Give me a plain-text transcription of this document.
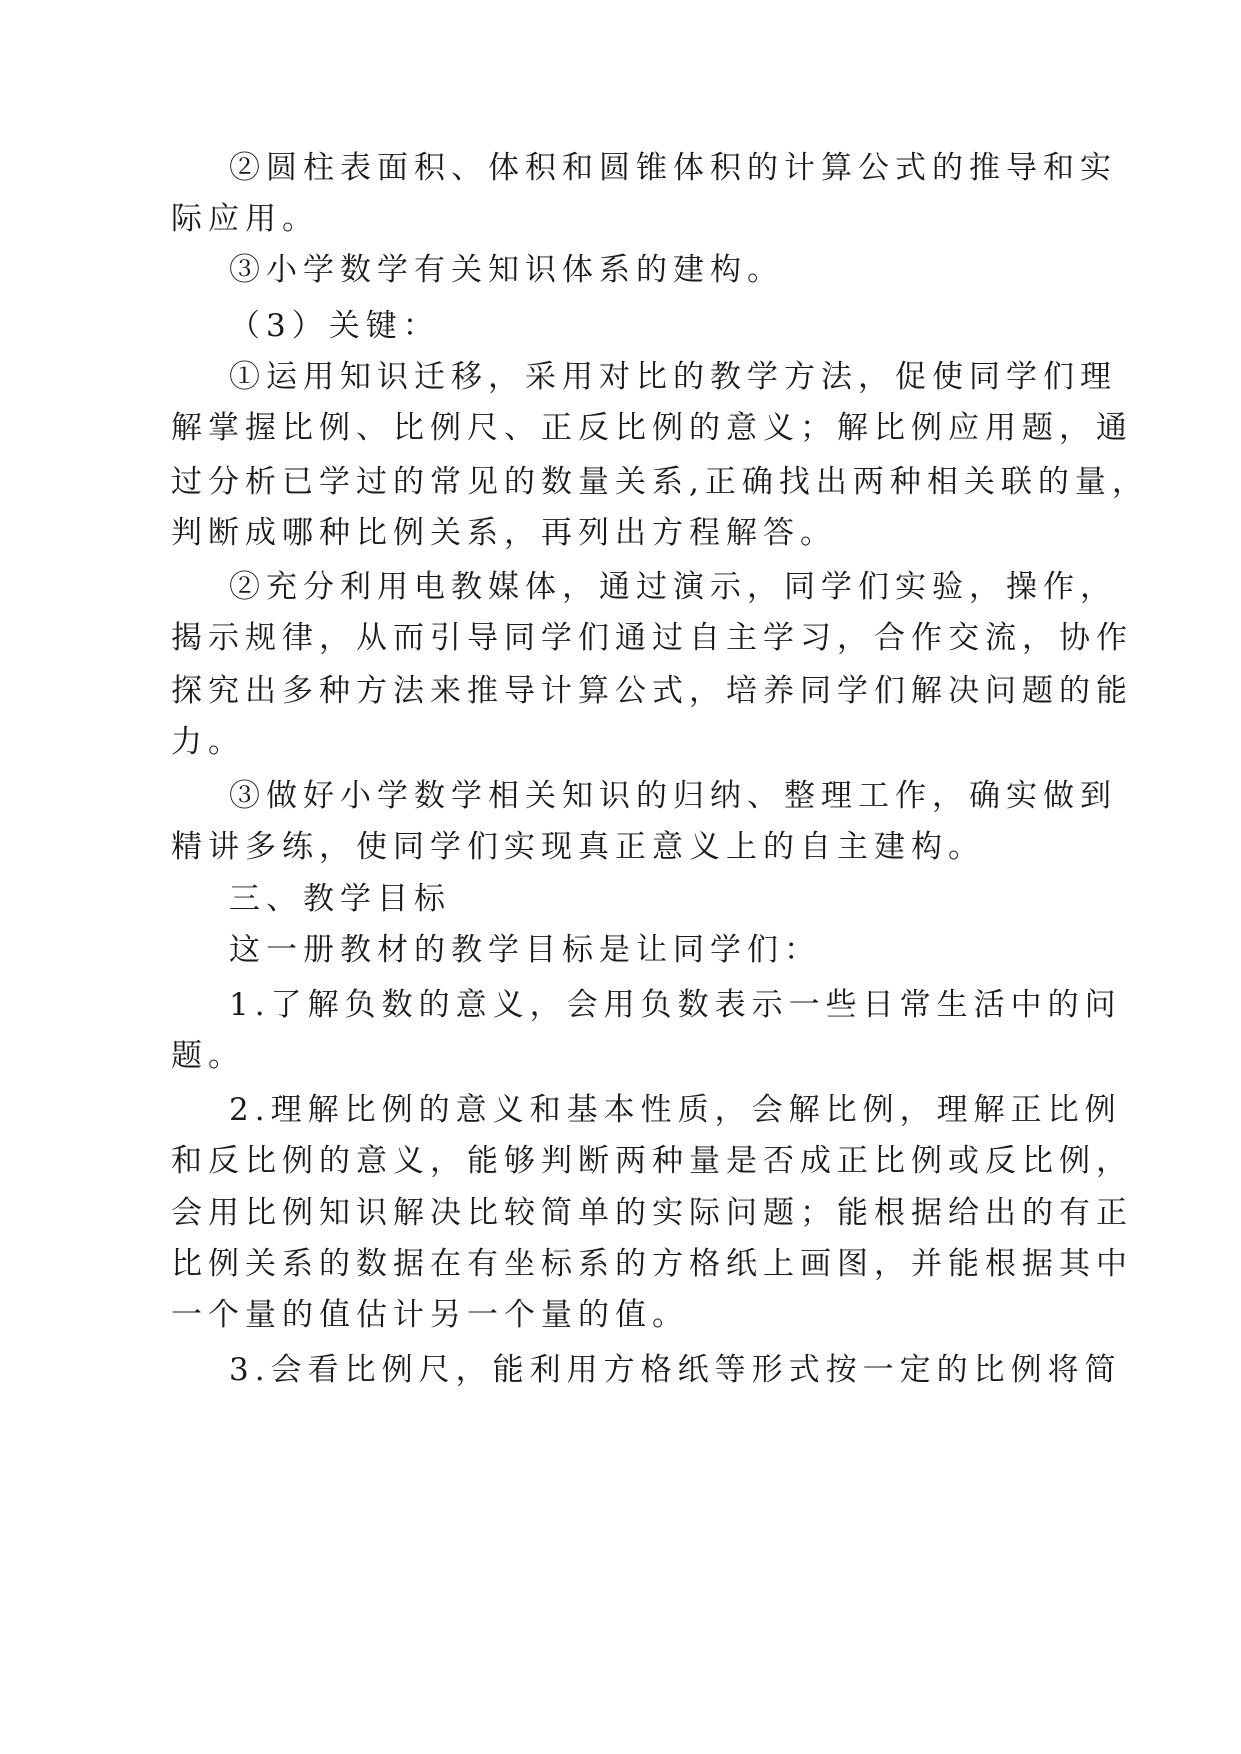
②圆柱表面积、体积和圆锥体积的计算公式的推导和实
际应用。
③小学数学有关知识体系的建构。
（3）关键：
①运用知识迁移，采用对比的教学方法，促使同学们理
解掌握比例、比例尺、正反比例的意义；解比例应用题，通
过分析已学过的常见的数量关系,正确找出两种相关联的量，
判断成哪种比例关系，再列出方程解答。
②充分利用电教媒体，通过演示，同学们实验，操作，
揭示规律，从而引导同学们通过自主学习，合作交流，协作
探究出多种方法来推导计算公式，培养同学们解决问题的能
力。
③做好小学数学相关知识的归纳、整理工作，确实做到
精讲多练，使同学们实现真正意义上的自主建构。
三、教学目标
这一册教材的教学目标是让同学们：
1.了解负数的意义，会用负数表示一些日常生活中的问
题。
2.理解比例的意义和基本性质，会解比例，理解正比例
和反比例的意义，能够判断两种量是否成正比例或反比例，
会用比例知识解决比较简单的实际问题；能根据给出的有正
比例关系的数据在有坐标系的方格纸上画图，并能根据其中
一个量的值估计另一个量的值。
3.会看比例尺，能利用方格纸等形式按一定的比例将简
